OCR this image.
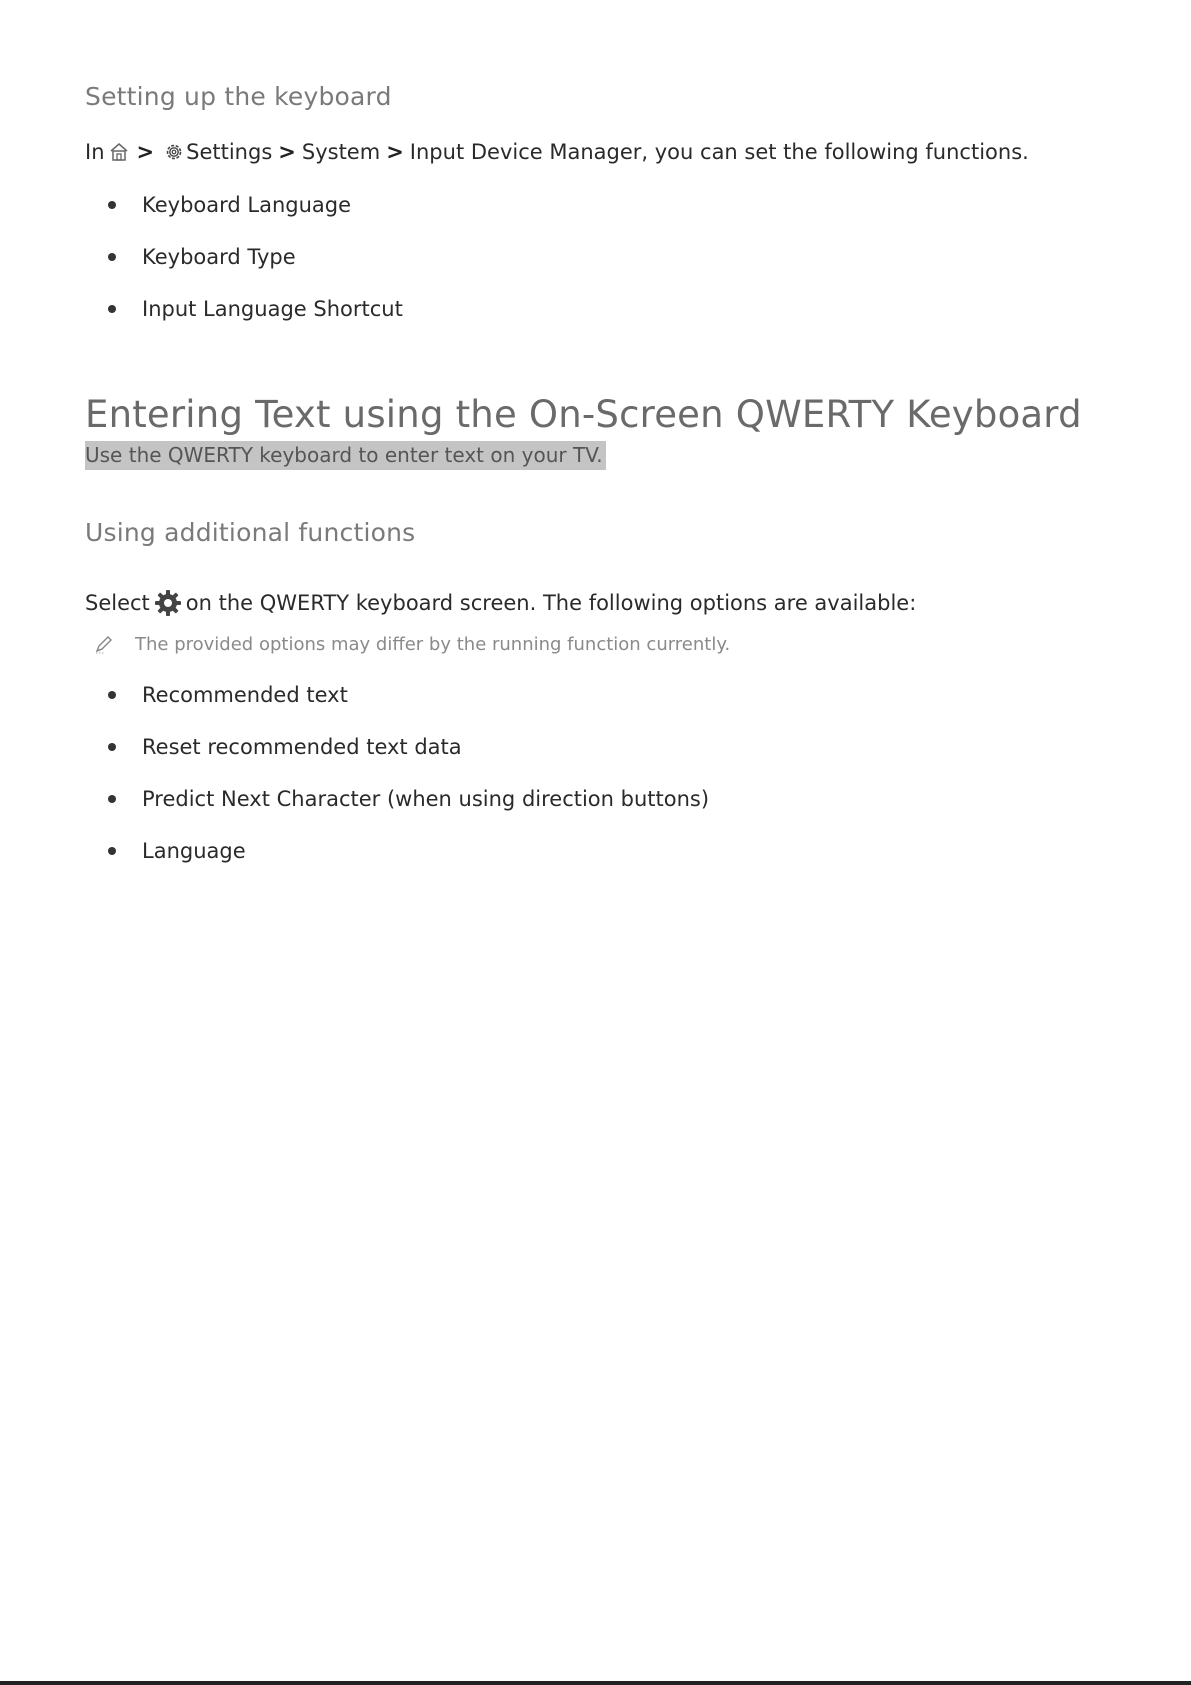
Setting up the keyboard
In > Settings > System > Input Device Manager , you can set the following functions.
Keyboard Language
Keyboard Type
Input Language Shortcut
Entering Text using the On-Screen QWERTY Keyboard
Use the QWERTY keyboard to enter text on your TV.
Using additional functions
Select on the QWERTY keyboard screen. The following options are available:
The provided options may differ by the running function currently.
Recommended text
Reset recommended text data
Predict Next Character (when using direction buttons)
Language
